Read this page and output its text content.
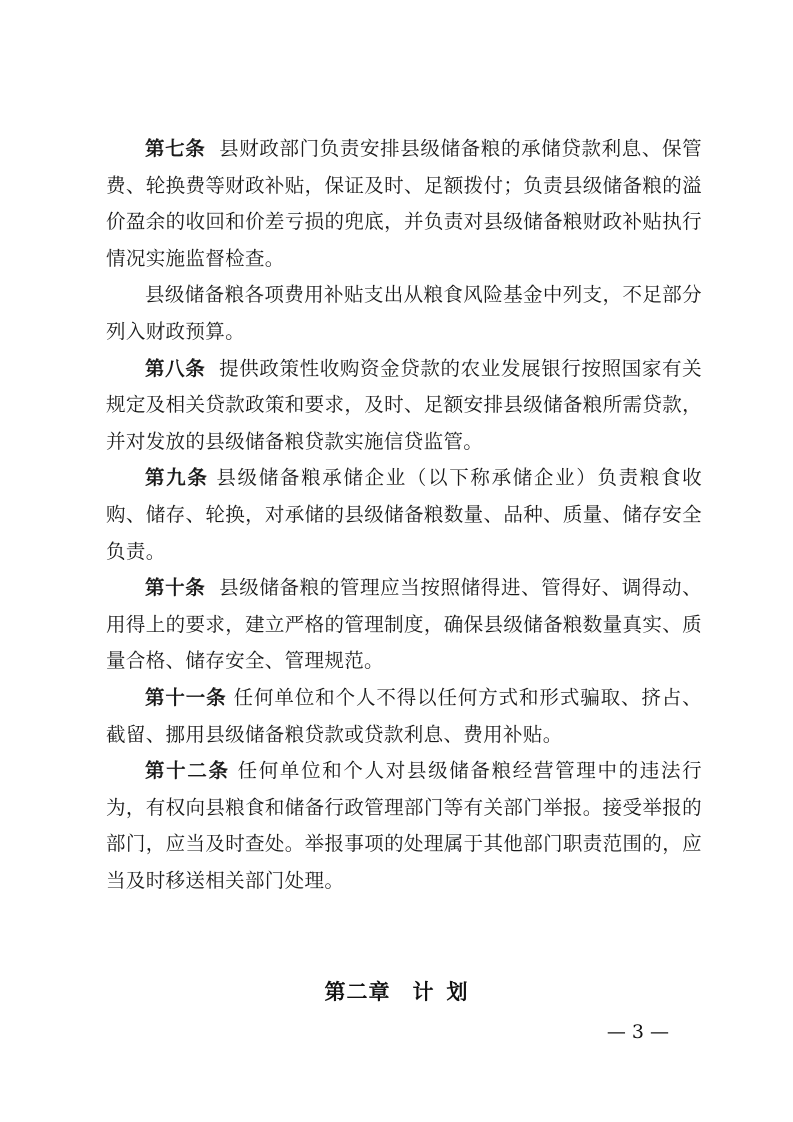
第七条 县财政部门负责安排县级储备粮的承储贷款利息、保管费、轮换费等财政补贴，保证及时、足额拨付；负责县级储备粮的溢价盈余的收回和价差亏损的兜底，并负责对县级储备粮财政补贴执行情况实施监督检查。

县级储备粮各项费用补贴支出从粮食风险基金中列支，不足部分列入财政预算。

第八条 提供政策性收购资金贷款的农业发展银行按照国家有关规定及相关贷款政策和要求，及时、足额安排县级储备粮所需贷款，并对发放的县级储备粮贷款实施信贷监管。

第九条 县级储备粮承储企业（以下称承储企业）负责粮食收购、储存、轮换，对承储的县级储备粮数量、品种、质量、储存安全负责。

第十条 县级储备粮的管理应当按照储得进、管得好、调得动、用得上的要求，建立严格的管理制度，确保县级储备粮数量真实、质量合格、储存安全、管理规范。

第十一条 任何单位和个人不得以任何方式和形式骗取、挤占、截留、挪用县级储备粮贷款或贷款利息、费用补贴。

第十二条 任何单位和个人对县级储备粮经营管理中的违法行为，有权向县粮食和储备行政管理部门等有关部门举报。接受举报的部门，应当及时查处。举报事项的处理属于其他部门职责范围的，应当及时移送相关部门处理。

第二章 计 划
— 3 —
